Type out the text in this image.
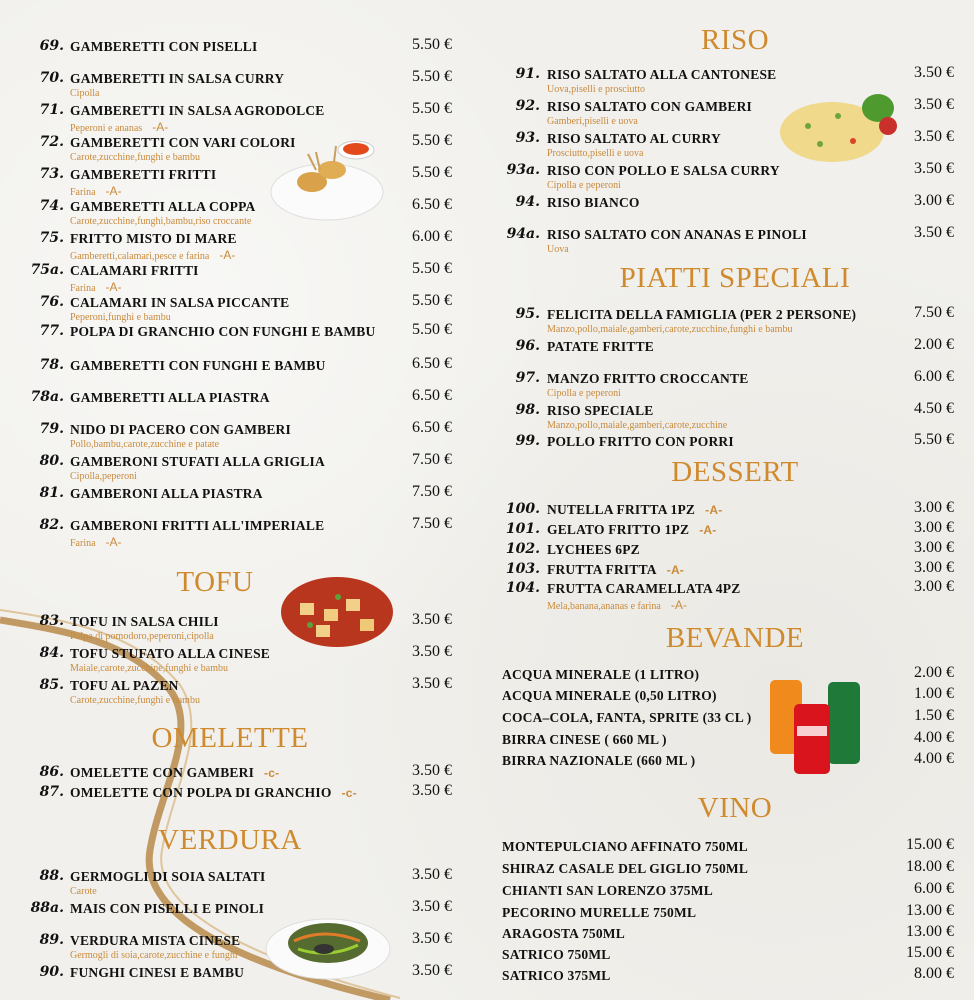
69. GAMBERETTI CON PISELLI	5.50 €
70. GAMBERETTI IN SALSA CURRY
Cipolla
5.50 €
71. GAMBERETTI IN SALSA AGRODOLCE
Peperoni e ananas -A-
5.50 €
72. GAMBERETTI CON VARI COLORI
Carote,zucchine,funghi e bambu
5.50 €
73. GAMBERETTI FRITTI
Farina -A-
5.50 €
74. GAMBERETTI ALLA COPPA
Carote,zucchine,funghi,bambu,riso croccante
6.50 €
75. FRITTO MISTO DI MARE
Gamberetti,calamari,pesce e farina -A-
6.00 €
75a. CALAMARI FRITTI
Farina -A-
5.50 €
76. CALAMARI IN SALSA PICCANTE
Peperoni,funghi e bambu
5.50 €
77. POLPA DI GRANCHIO CON FUNGHI E BAMBU 5.50 €
78. GAMBERETTI CON FUNGHI E BAMBU	6.50 €
78a. GAMBERETTI ALLA PIASTRA	6.50 €
79. NIDO DI PACERO CON GAMBERI
Pollo,bambu,carote,zucchine e patate
6.50 €
80. GAMBERONI STUFATI ALLA GRIGLIA
Cipolla,peperoni
7.50 €
81. GAMBERONI ALLA PIASTRA	7.50 €
82. GAMBERONI FRITTI ALL'IMPERIALE
Farina -A-
7.50 €
83. TOFU IN SALSA CHILI
Polpa di pomodoro,peperoni,cipolla
3.50 €
84. TOFU STUFATO ALLA CINESE
Maiale,carote,zucchine,funghi e bambu
3.50 €
85. TOFU AL PAZEN
Carote,zucchine,funghi e bambu
3.50 €
86. OMELETTE CON GAMBERI -c-	3.50 €
87. OMELETTE CON POLPA DI GRANCHIO -c-	3.50 €
88. GERMOGLI DI SOIA SALTATI
Carote
3.50 €
88a. MAIS CON PISELLI E PINOLI	3.50 €
89. VERDURA MISTA CINESE
Germogli di soia,carote,zucchine e funghi
3.50 €
90. FUNGHI CINESI E BAMBU	3.50 €
91. RISO SALTATO ALLA CANTONESE
Uova,piselli e prosciutto
3.50 €
92. RISO SALTATO CON GAMBERI
Gamberi,piselli e uova
3.50 €
93. RISO SALTATO AL CURRY
Prosciutto,piselli e uova
3.50 €
93a. RISO CON POLLO E SALSA CURRY
Cipolla e peperoni
3.50 €
94. RISO BIANCO	3.00 €
94a. RISO SALTATO CON ANANAS E PINOLI
Uova
3.50 €
95. FELICITA DELLA FAMIGLIA (PER 2 PERSONE)
Manzo,pollo,maiale,gamberi,carote,zucchine,funghi e bambu
7.50 €
96. PATATE FRITTE	2.00 €
97. MANZO FRITTO CROCCANTE
Cipolla e peperoni
6.00 €
98. RISO SPECIALE
Manzo,pollo,maiale,gamberi,carote,zucchine
4.50 €
99. POLLO FRITTO CON PORRI	5.50 €
100. NUTELLA FRITTA 1PZ -A-	3.00 €
101. GELATO FRITTO 1PZ -A-	3.00 €
102. LYCHEES 6PZ	3.00 €
103. FRUTTA FRITTA -A-	3.00 €
104. FRUTTA CARAMELLATA 4PZ
Mela,banana,ananas e farina -A-
3.00 €
ACQUA MINERALE (1 LITRO)	2.00 €
ACQUA MINERALE (0,50 LITRO)	1.00 €
COCA–COLA, FANTA, SPRITE (33 CL )	1.50 €
BIRRA CINESE ( 660 ML )	4.00 €
BIRRA NAZIONALE (660 ML )	4.00 €
MONTEPULCIANO AFFINATO 750ML	15.00 €
SHIRAZ CASALE DEL GIGLIO 750ML	18.00 €
CHIANTI SAN LORENZO 375ML	6.00 €
PECORINO MURELLE 750ML	13.00 €
ARAGOSTA 750ML	13.00 €
SATRICO 750ML	15.00 €
SATRICO 375ML	8.00 €
TOFU
OMELETTE
VERDURA
RISO
PIATTI SPECIALI
DESSERT
BEVANDE
VINO
